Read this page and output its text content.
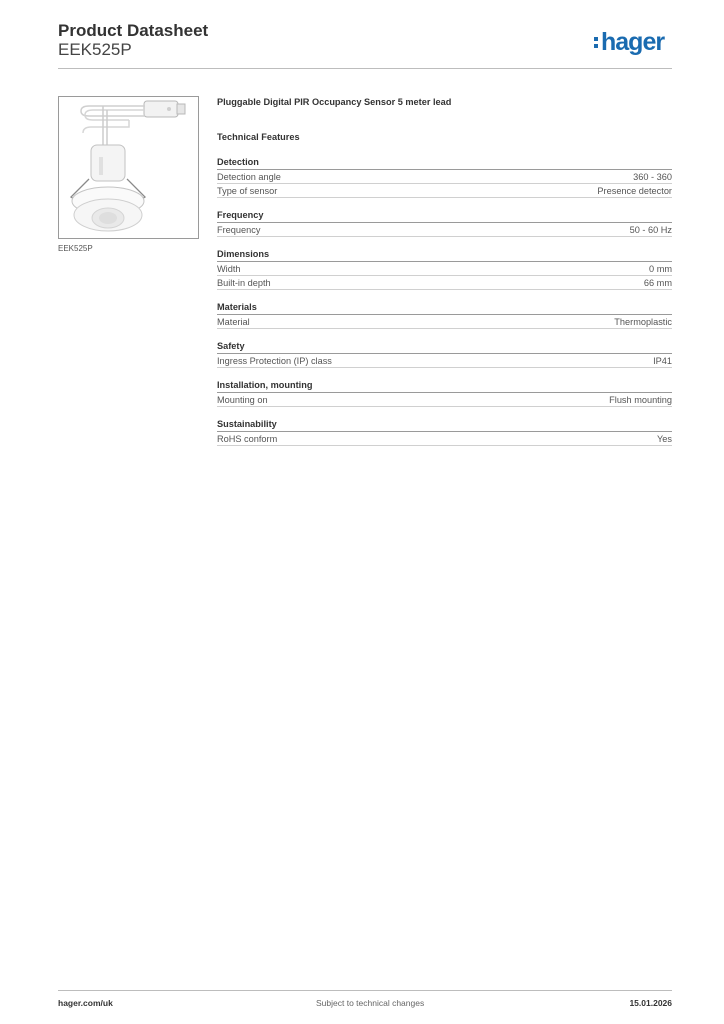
Product Datasheet
EEK525P	hager
EEK525P
Pluggable Digital PIR Occupancy Sensor 5 meter lead
Technical Features
Detection
Detection angle	360 - 360
Type of sensor	Presence detector
Frequency
Frequency	50 - 60 Hz
Dimensions
Width	0 mm
Built-in depth	66 mm
Materials
Material	Thermoplastic
Safety
Ingress Protection (IP) class	IP41
Installation, mounting
Mounting on	Flush mounting
Sustainability
RoHS conform	Yes
hager.com/uk	Subject to technical changes	15.01.2026
